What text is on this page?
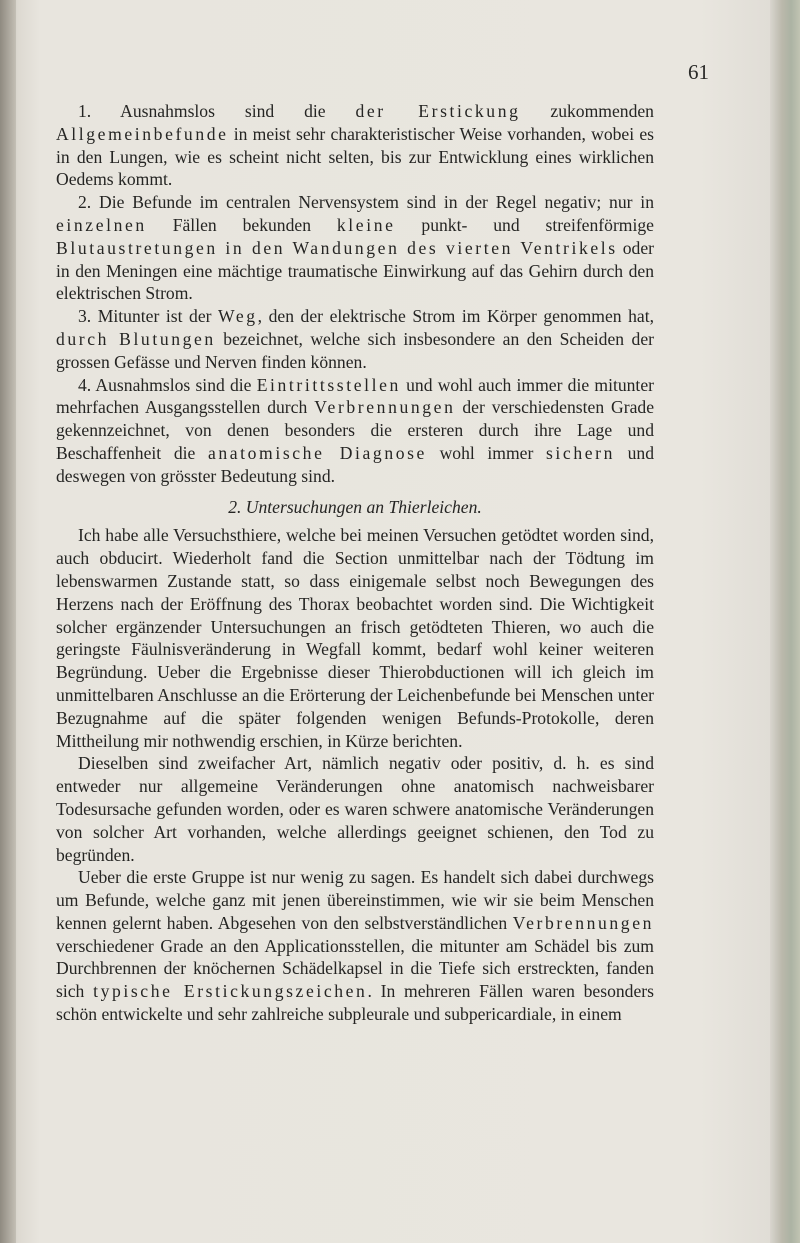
61

1. Ausnahmslos sind die der Erstickung zukommenden Allgemeinbefunde in meist sehr charakteristischer Weise vorhanden, wobei es in den Lungen, wie es scheint nicht selten, bis zur Entwicklung eines wirklichen Oedems kommt.

2. Die Befunde im centralen Nervensystem sind in der Regel negativ; nur in einzelnen Fällen bekunden kleine punkt- und streifenförmige Blutaustretungen in den Wandungen des vierten Ventrikels oder in den Meningen eine mächtige traumatische Einwirkung auf das Gehirn durch den elektrischen Strom.

3. Mitunter ist der Weg, den der elektrische Strom im Körper genommen hat, durch Blutungen bezeichnet, welche sich insbesondere an den Scheiden der grossen Gefässe und Nerven finden können.

4. Ausnahmslos sind die Eintrittsstellen und wohl auch immer die mitunter mehrfachen Ausgangsstellen durch Verbrennungen der verschiedensten Grade gekennzeichnet, von denen besonders die ersteren durch ihre Lage und Beschaffenheit die anatomische Diagnose wohl immer sichern und deswegen von grösster Bedeutung sind.

2. Untersuchungen an Thierleichen.

Ich habe alle Versuchsthiere, welche bei meinen Versuchen getödtet worden sind, auch obducirt. Wiederholt fand die Section unmittelbar nach der Tödtung im lebenswarmen Zustande statt, so dass einigemale selbst noch Bewegungen des Herzens nach der Eröffnung des Thorax beobachtet worden sind. Die Wichtigkeit solcher ergänzender Untersuchungen an frisch getödteten Thieren, wo auch die geringste Fäulnisveränderung in Wegfall kommt, bedarf wohl keiner weiteren Begründung. Ueber die Ergebnisse dieser Thierobductionen will ich gleich im unmittelbaren Anschlusse an die Erörterung der Leichenbefunde bei Menschen unter Bezugnahme auf die später folgenden wenigen Befunds-Protokolle, deren Mittheilung mir nothwendig erschien, in Kürze berichten.

Dieselben sind zweifacher Art, nämlich negativ oder positiv, d. h. es sind entweder nur allgemeine Veränderungen ohne anatomisch nachweisbarer Todesursache gefunden worden, oder es waren schwere anatomische Veränderungen von solcher Art vorhanden, welche allerdings geeignet schienen, den Tod zu begründen.

Ueber die erste Gruppe ist nur wenig zu sagen. Es handelt sich dabei durchwegs um Befunde, welche ganz mit jenen übereinstimmen, wie wir sie beim Menschen kennen gelernt haben. Abgesehen von den selbstverständlichen Verbrennungen verschiedener Grade an den Applicationsstellen, die mitunter am Schädel bis zum Durchbrennen der knöchernen Schädelkapsel in die Tiefe sich erstreckten, fanden sich typische Erstickungszeichen. In mehreren Fällen waren besonders schön entwickelte und sehr zahlreiche subpleurale und subpericardiale, in einem
